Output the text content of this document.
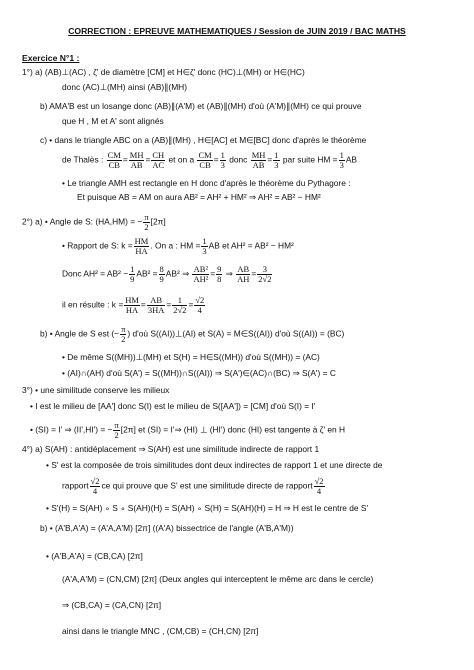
CORRECTION : EPREUVE MATHEMATIQUES / Session de JUIN 2019 / BAC MATHS
Exercice N°1 :
1°) a) (AB)⊥(AC) , ζ' de diamètre [CM] et H∈ζ' donc (HC)⊥(MH) or H∈(HC)
donc (AC)⊥(MH) ainsi (AB)∥(MH)
b) AMA'B est un losange donc (AB)∥(A'M) et (AB)∥(MH) d'où (A'M)∥(MH) ce qui prouve
que H , M et A' sont alignés
c) • dans le triangle ABC on a (AB)∥(MH) , H∈[AC] et M∈[BC] donc d'après le théorème
de Thalès : $\frac{CM}{CB} = \frac{MH}{AB} = \frac{CH}{AC}$ et on a $\frac{CM}{CB} = \frac{1}{3}$ donc $\frac{MH}{AB} = \frac{1}{3}$ par suite HM = $\frac{1}{3}$ AB
• Le triangle AMH est rectangle en H donc d'après le théorème du Pythagore :
Et puisque AB = AM on aura AB² = AH² + HM² ⇒ AH² = AB² − HM²
2°) a) • Angle de S: (HA,HM) = − $\frac{\pi}{2} [2\pi]$
• Rapport de S: $k = \frac{HM}{HA}$ . On a : HM = $\frac{1}{3}$ AB et AH² = AB² − HM²
Donc $AH^2 = AB^2 - \frac{1}{9} AB^2 = \frac{8}{9} AB^2$ ⇒ $\frac{\text{AB²}}{\text{AH²}} = \frac{9}{8}$ ⇒ $\frac{AB}{AH} = \frac{3}{2√2}$
il en résulte : $k = \frac{HM}{HA} = \frac{AB}{3HA} = \frac{1}{2√2} = \frac{√2}{4}$
b) • Angle de S est (− $\frac{\pi}{2}$ ) d'où S((AI))⊥(AI) et S(A) = M∈S((AI)) d'où S((AI)) = (BC)
• De même S((MH))⊥(MH) et S(H) = H∈S((MH)) d'où S((MH)) = (AC)
• (AI)∩(AH) d'où S(A') = S((MH))∩S((AI)) ⇒ S(A')∈(AC)∩(BC) ⇒ S(A') = C
3°) • une similitude conserve les milieux
• I est le milieu de [AA'] donc S(I) est le milieu de S([AA']) = [CM] d'où S(I) = I'
• (SI) = I' ⇒ (II',HI') = − $\frac{\pi}{2} [2\pi]$ et (SI) = I'⇒ (HI) ⊥ (HI') donc (HI) est tangente à ζ' en H
4°) a) S(AH) : antidéplacement ⇒ S(AH) est une similitude indirecte de rapport 1
• S' est la composée de trois similitudes dont deux indirectes de rapport 1 et une directe de
rapport $\frac{√2}{4}$ ce qui prouve que S' est une similitude directe de rapport $\frac{√2}{4}$
• S'(H) = S(AH) ∘ S ∘ S(AH)(H) = S(AH) ∘ S(H) = S(AH)(H) = H ⇒ H est le centre de S'
b) • (A'B,A'A) = (A'A,A'M) [2π] ((A'A) bissectrice de l'angle (A'B,A'M))
• (A'B,A'A) = (CB,CA) [2π]
(A'A,A'M) = (CN,CM) [2π] (Deux angles qui interceptent le même arc dans le cercle)
⇒ (CB,CA) = (CA,CN) [2π]
ainsi dans le triangle MNC , (CM,CB) = (CH,CN) [2π]
